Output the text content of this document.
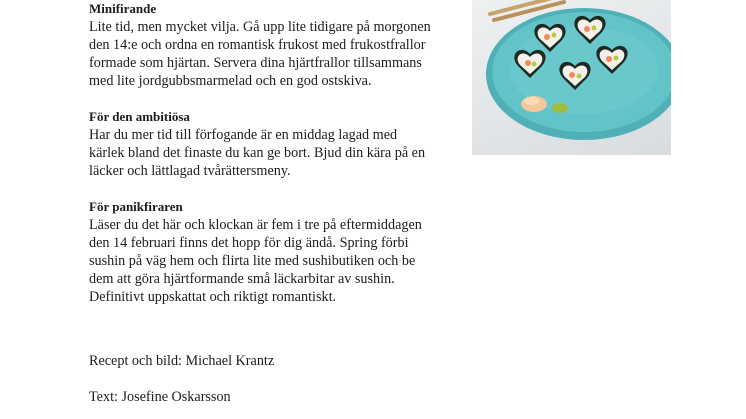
Minifirande

Lite tid, men mycket vilja. Gå upp lite tidigare på morgonen
den 14:e och ordna en romantisk frukost med frukostfrallor
formade som hjärtan. Servera dina hjärtfrallor tillsammans
med lite jordgubbsmarmelad och en god ostskiva.

För den ambitiösa

Har du mer tid till förfogande är en middag lagad med
kärlek bland det finaste du kan ge bort. Bjud din kära på en
läcker och lättlagad tvårättersmeny.

För panikfiraren

Läser du det här och klockan är fem i tre på eftermiddagen
den 14 februari finns det hopp för dig ändå. Spring förbi
sushin på väg hem och flirta lite med sushibutiken och be
dem att göra hjärtformande små läckarbitar av sushin.
Definitivt uppskattat och riktigt romantiskt.

Recept och bild: Michael Krantz

Text: Josefine Oskarsson
